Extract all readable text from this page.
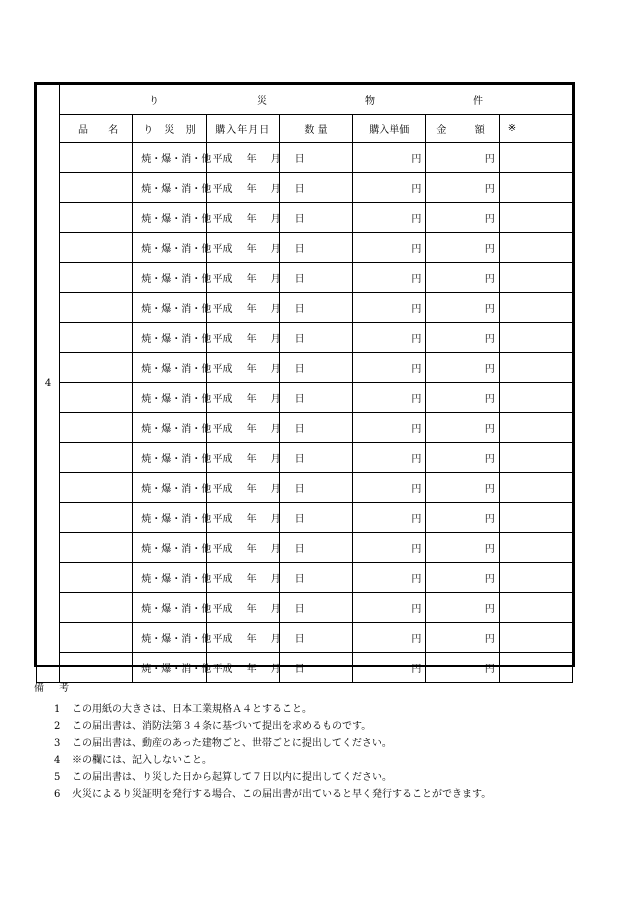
4	り 災 物 件						

	品 名	り 災 別	購入年月日	数 量	購入単価	金 額	※
		焼・爆・消・他	平成 年 月 日		円	円	
		焼・爆・消・他	平成 年 月 日		円	円	
		焼・爆・消・他	平成 年 月 日		円	円	
		焼・爆・消・他	平成 年 月 日		円	円	
		焼・爆・消・他	平成 年 月 日		円	円	
		焼・爆・消・他	平成 年 月 日		円	円	
		焼・爆・消・他	平成 年 月 日		円	円	
		焼・爆・消・他	平成 年 月 日		円	円	
		焼・爆・消・他	平成 年 月 日		円	円	
		焼・爆・消・他	平成 年 月 日		円	円	
		焼・爆・消・他	平成 年 月 日		円	円	
		焼・爆・消・他	平成 年 月 日		円	円	
		焼・爆・消・他	平成 年 月 日		円	円	
		焼・爆・消・他	平成 年 月 日		円	円	
		焼・爆・消・他	平成 年 月 日		円	円	
		焼・爆・消・他	平成 年 月 日		円	円	
		焼・爆・消・他	平成 年 月 日		円	円	
		焼・爆・消・他	平成 年 月 日		円	円	
備 考
1 この用紙の大きさは、日本工業規格Ａ４とすること。
2 この届出書は、消防法第３４条に基づいて提出を求めるものです。
3 この届出書は、動産のあった建物ごと、世帯ごとに提出してください。
4 ※の欄には、記入しないこと。
5 この届出書は、り災した日から起算して７日以内に提出してください。
6 火災によるり災証明を発行する場合、この届出書が出ていると早く発行することができます。
